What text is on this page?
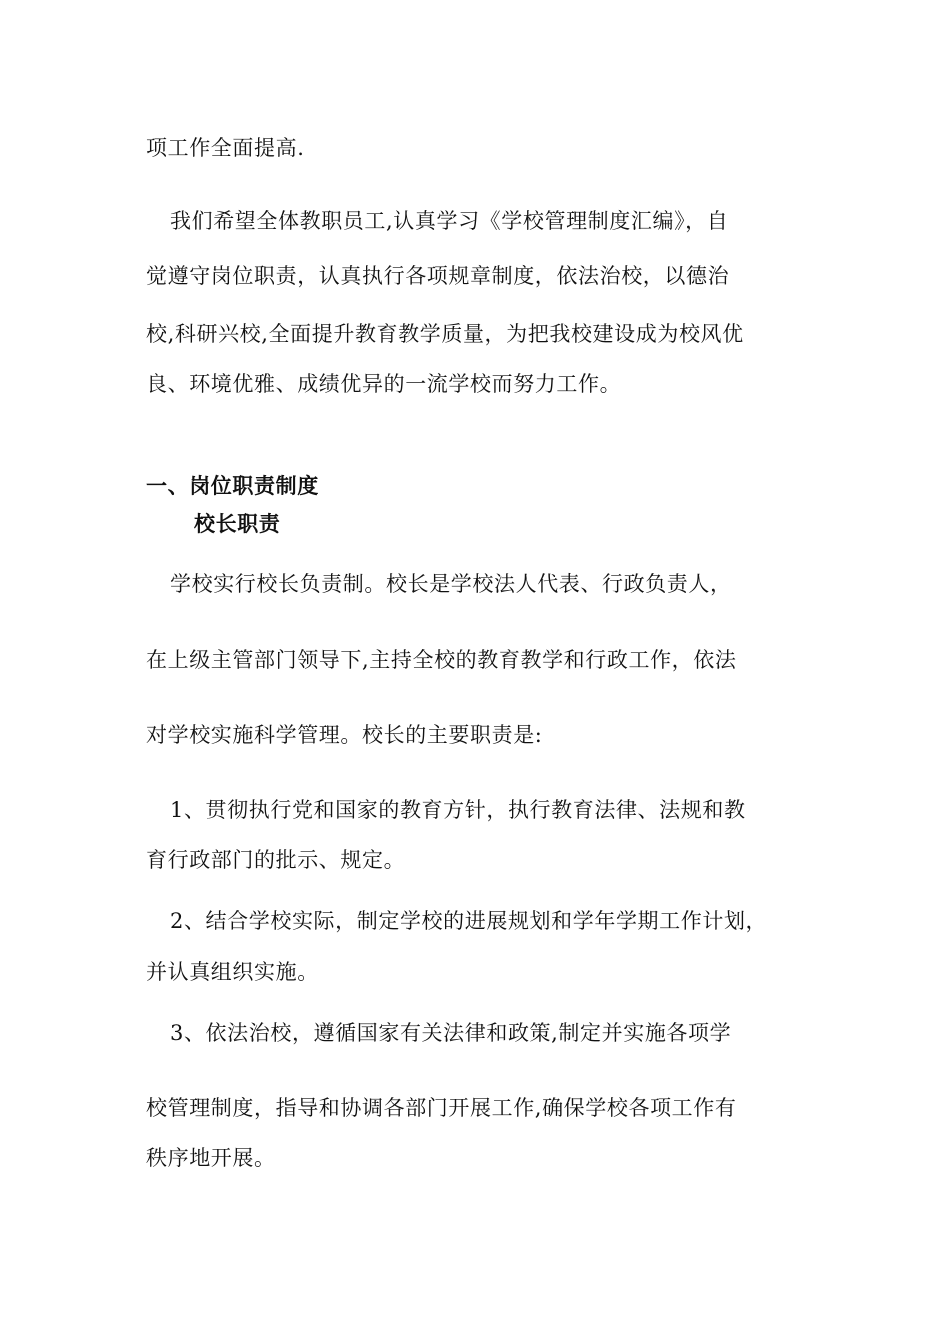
项工作全面提高.
我们希望全体教职员工,认真学习《学校管理制度汇编》，自
觉遵守岗位职责，认真执行各项规章制度，依法治校，以德治
校,科研兴校,全面提升教育教学质量，为把我校建设成为校风优
良、环境优雅、成绩优异的一流学校而努力工作。
一、岗位职责制度
校长职责
学校实行校长负责制。校长是学校法人代表、行政负责人，
在上级主管部门领导下,主持全校的教育教学和行政工作，依法
对学校实施科学管理。校长的主要职责是:
1、贯彻执行党和国家的教育方针，执行教育法律、法规和教
育行政部门的批示、规定。
2、结合学校实际，制定学校的进展规划和学年学期工作计划，
并认真组织实施。
3、依法治校，遵循国家有关法律和政策,制定并实施各项学
校管理制度，指导和协调各部门开展工作,确保学校各项工作有
秩序地开展。
